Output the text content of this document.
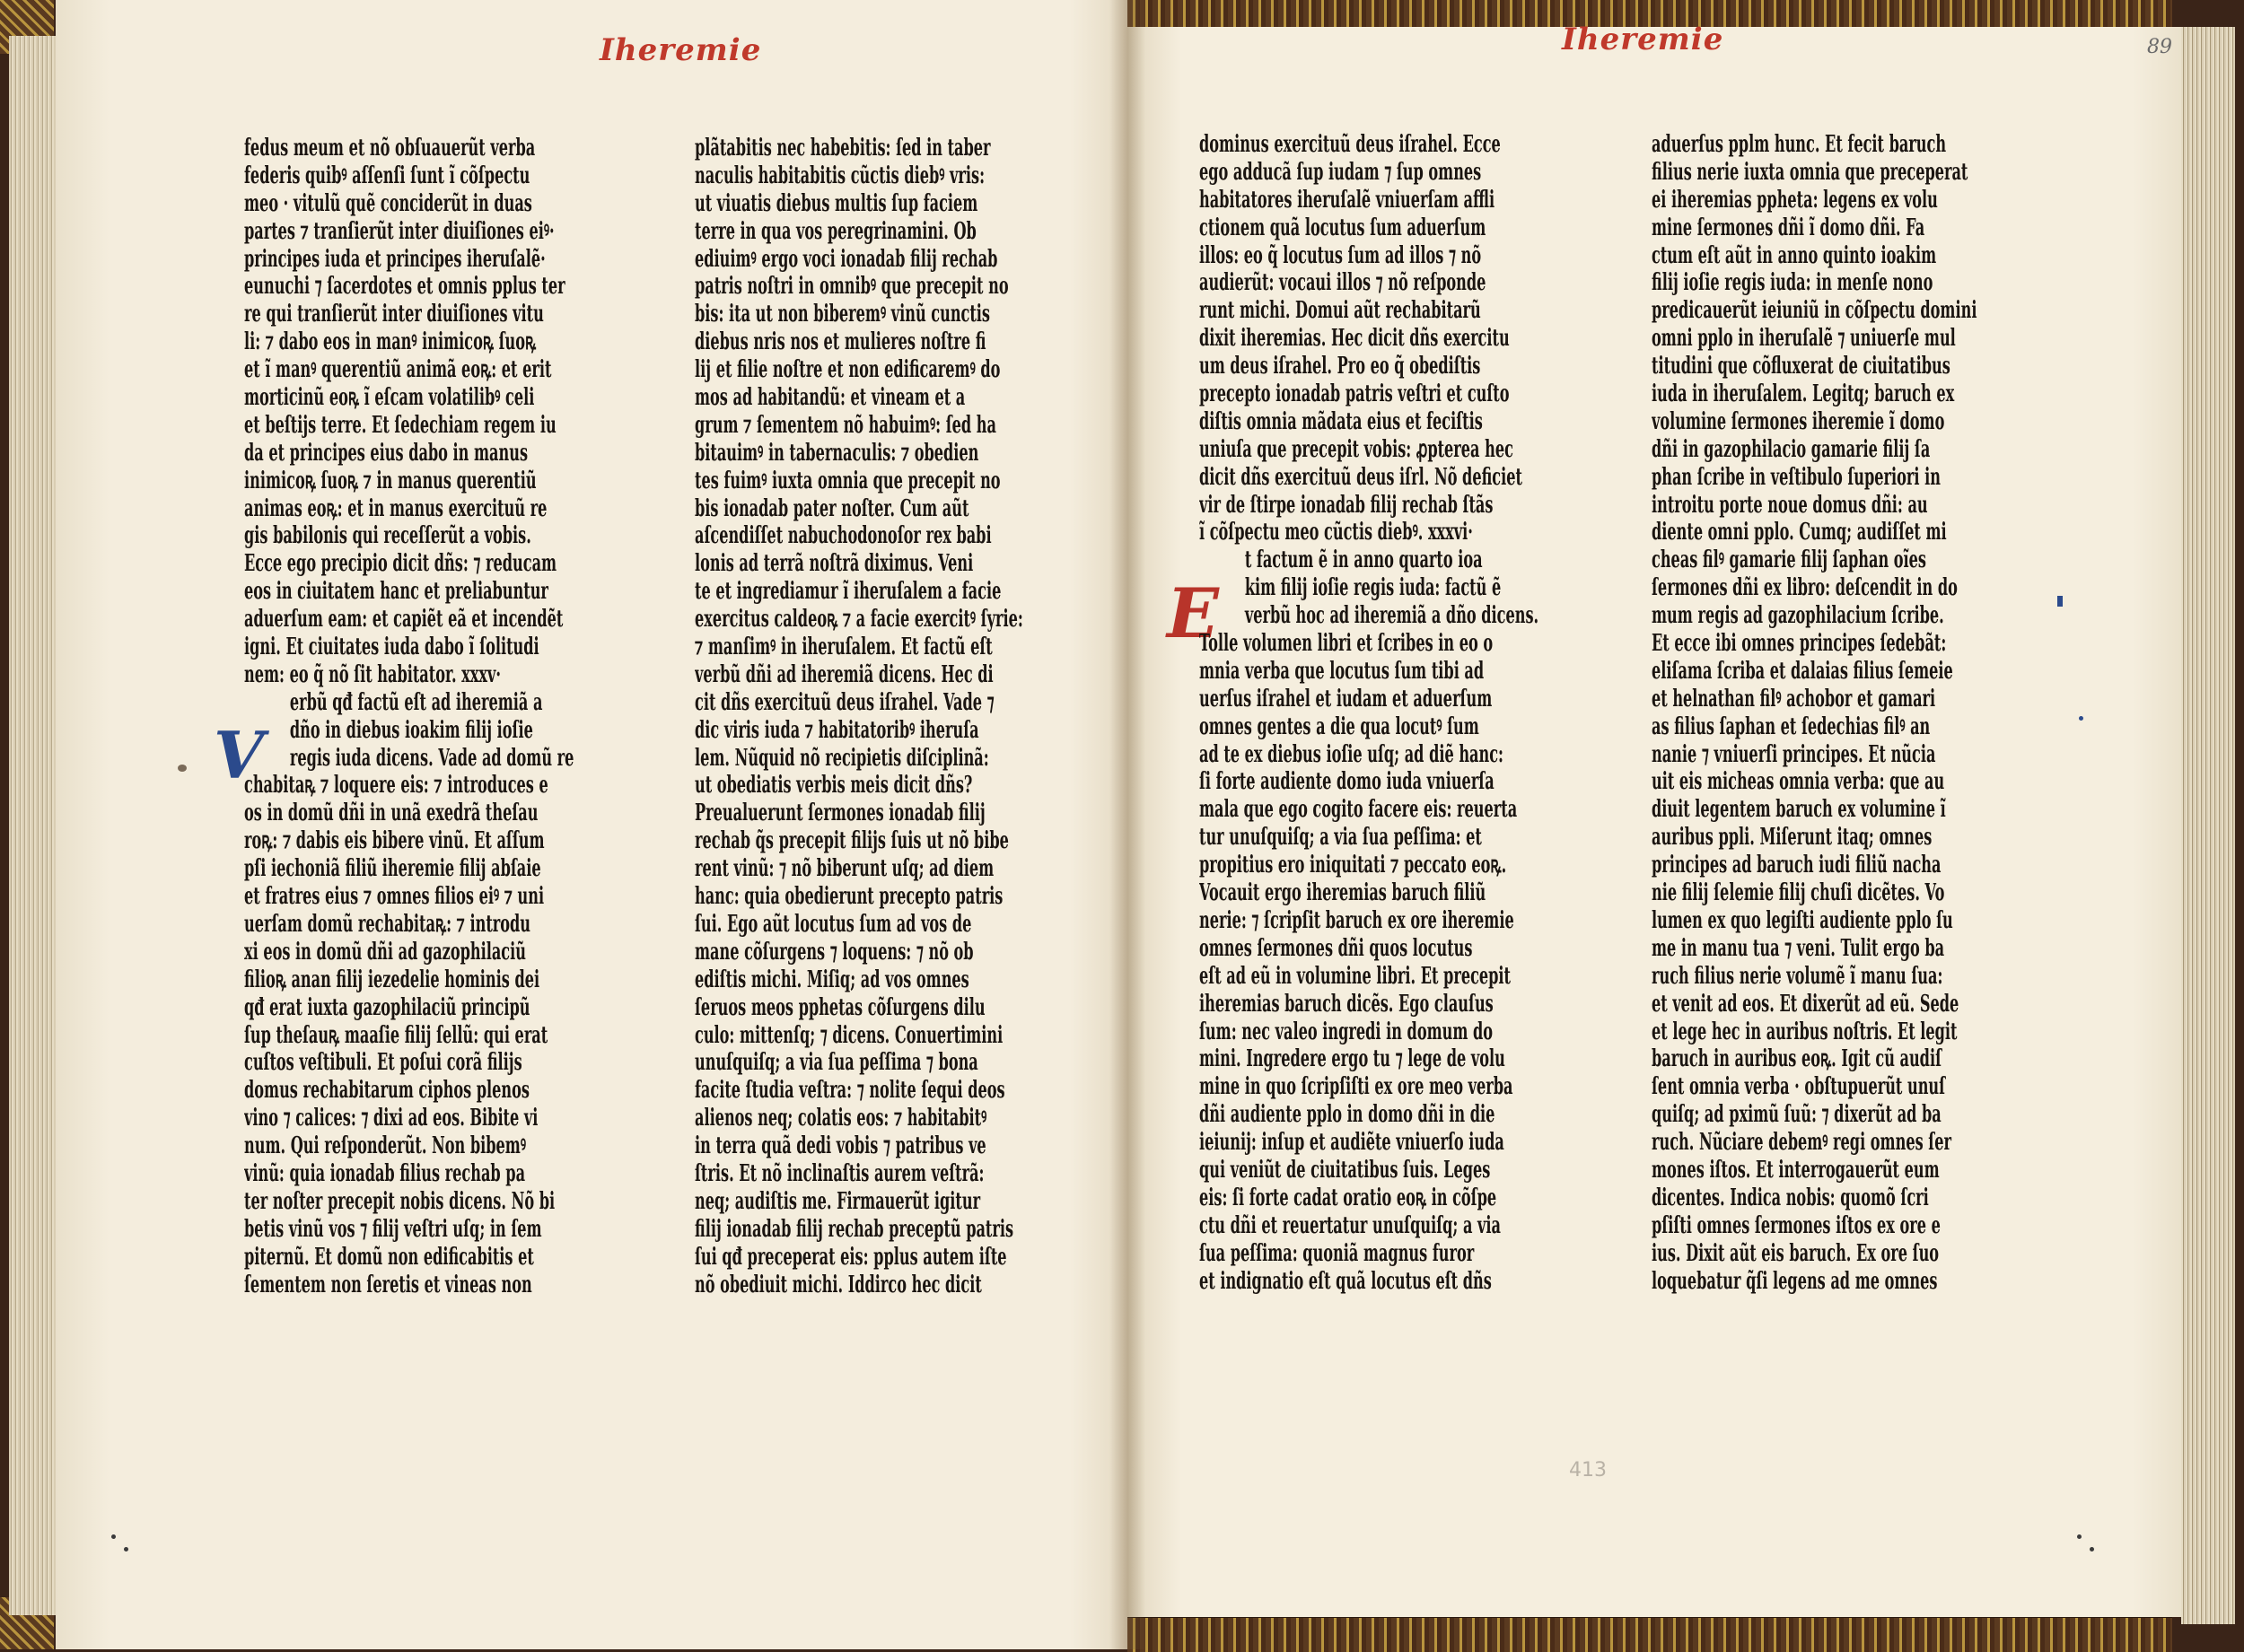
Iheremie	Iheremie	89
413
V
E
fedus meum et nõ obſuauerũt verba
federis quibꝰ aſſenſi ſunt ĩ cõſpectu
meo · vitulũ quẽ conciderũt in duas
partes ⁊ tranſierũt inter diuiſiones eiꝰ·
principes iuda et principes iheruſalẽ·
eunuchi ⁊ ſacerdotes et omnis pplus ter
re qui tranſierũt inter diuiſiones vitu
li: ⁊ dabo eos in manꝰ inimicoꝶ ſuoꝶ
et ĩ manꝰ querentiũ animã eoꝶ: et erit
morticinũ eoꝶ ĩ eſcam volatilibꝰ celi
et beſtijs terre. Et ſedechiam regem iu
da et principes eius dabo in manus
inimicoꝶ ſuoꝶ ⁊ in manus querentiũ
animas eoꝶ: et in manus exercituũ re
gis babilonis qui receſſerũt a vobis.
Ecce ego precipio dicit dñs: ⁊ reducam
eos in ciuitatem hanc et preliabuntur
aduerſum eam: et capiẽt eã et incendẽt
igni. Et ciuitates iuda dabo ĩ ſolitudi
nem: eo q̃ nõ ſit habitator. xxxv·
erbũ qđ factũ eſt ad iheremiã a
dño in diebus ioakim filij ioſie
regis iuda dicens. Vade ad domũ re
chabitaꝶ ⁊ loquere eis: ⁊ introduces e
os in domũ dñi in unã exedrã theſau
roꝶ: ⁊ dabis eis bibere vinũ. Et aſſum
pſi iechoniã filiũ iheremie filij abſaie
et fratres eius ⁊ omnes filios eiꝰ ⁊ uni
uerſam domũ rechabitaꝶ: ⁊ introdu
xi eos in domũ dñi ad gazophilaciũ
filioꝶ anan filij iezedelie hominis dei
qđ erat iuxta gazophilaciũ principũ
ſup theſauꝶ maaſie filij ſellũ: qui erat
cuſtos veſtibuli. Et poſui corã filijs
domus rechabitarum ciphos plenos
vino ⁊ calices: ⁊ dixi ad eos. Bibite vi
num. Qui reſponderũt. Non bibemꝰ
vinũ: quia ionadab filius rechab pa
ter noſter precepit nobis dicens. Nõ bi
betis vinũ vos ⁊ filij veſtri uſq; in ſem
piternũ. Et domũ non edificabitis et
ſementem non ſeretis et vineas non
plãtabitis nec habebitis: ſed in taber
naculis habitabitis cũctis diebꝰ vris:
ut viuatis diebus multis ſup faciem
terre in qua vos peregrinamini. Ob
ediuimꝰ ergo voci ionadab filij rechab
patris noſtri in omnibꝰ que precepit no
bis: ita ut non biberemꝰ vinũ cunctis
diebus nris nos et mulieres noſtre fi
lij et filie noſtre et non edificaremꝰ do
mos ad habitandũ: et vineam et a
grum ⁊ ſementem nõ habuimꝰ: ſed ha
bitauimꝰ in tabernaculis: ⁊ obedien
tes fuimꝰ iuxta omnia que precepit no
bis ionadab pater noſter. Cum aũt
aſcendiſſet nabuchodonoſor rex babi
lonis ad terrã noſtrã diximus. Veni
te et ingrediamur ĩ iheruſalem a facie
exercitus caldeoꝶ ⁊ a facie exercitꝰ ſyrie:
⁊ manſimꝰ in iheruſalem. Et factũ eſt
verbũ dñi ad iheremiã dicens. Hec di
cit dñs exercituũ deus iſrahel. Vade ⁊
dic viris iuda ⁊ habitatoribꝰ iheruſa
lem. Nũquid nõ recipietis diſciplinã:
ut obediatis verbis meis dicit dñs?
Preualuerunt ſermones ionadab filij
rechab q̃s precepit filijs ſuis ut nõ bibe
rent vinũ: ⁊ nõ biberunt uſq; ad diem
hanc: quia obedierunt precepto patris
ſui. Ego aũt locutus ſum ad vos de
mane cõſurgens ⁊ loquens: ⁊ nõ ob
ediſtis michi. Miſiq; ad vos omnes
ſeruos meos pphetas cõſurgens dilu
culo: mittenſq; ⁊ dicens. Conuertimini
unuſquiſq; a via ſua peſſima ⁊ bona
facite ſtudia veſtra: ⁊ nolite ſequi deos
alienos neq; colatis eos: ⁊ habitabitꝰ
in terra quã dedi vobis ⁊ patribus ve
ſtris. Et nõ inclinaſtis aurem veſtrã:
neq; audiſtis me. Firmauerũt igitur
filij ionadab filij rechab preceptũ patris
ſui qđ preceperat eis: pplus autem iſte
nõ obediuit michi. Iddirco hec dicit
dominus exercituũ deus iſrahel. Ecce
ego adducã ſup iudam ⁊ ſup omnes
habitatores iheruſalẽ vniuerſam affli
ctionem quã locutus ſum aduerſum
illos: eo q̃ locutus ſum ad illos ⁊ nõ
audierũt: vocaui illos ⁊ nõ reſponde
runt michi. Domui aũt rechabitarũ
dixit iheremias. Hec dicit dñs exercitu
um deus iſrahel. Pro eo q̃ obediſtis
precepto ionadab patris veſtri et cuſto
diſtis omnia mãdata eius et feciſtis
uniuſa que precepit vobis: ꝓpterea hec
dicit dñs exercituũ deus iſrl. Nõ deficiet
vir de ſtirpe ionadab filij rechab ſtãs
ĩ cõſpectu meo cũctis diebꝰ. xxxvi·
t factum ẽ in anno quarto ioa
kim filij ioſie regis iuda: factũ ẽ
verbũ hoc ad iheremiã a dño dicens.
Tolle volumen libri et ſcribes in eo o
mnia verba que locutus ſum tibi ad
uerſus iſrahel et iudam et aduerſum
omnes gentes a die qua locutꝰ ſum
ad te ex diebus ioſie uſq; ad diẽ hanc:
ſi forte audiente domo iuda vniuerſa
mala que ego cogito facere eis: reuerta
tur unuſquiſq; a via ſua peſſima: et
propitius ero iniquitati ⁊ peccato eoꝶ.
Vocauit ergo iheremias baruch filiũ
nerie: ⁊ ſcripſit baruch ex ore iheremie
omnes ſermones dñi quos locutus
eſt ad eũ in volumine libri. Et precepit
iheremias baruch dicẽs. Ego clauſus
ſum: nec valeo ingredi in domum do
mini. Ingredere ergo tu ⁊ lege de volu
mine in quo ſcripſiſti ex ore meo verba
dñi audiente pplo in domo dñi in die
ieiunij: inſup et audiẽte vniuerſo iuda
qui veniũt de ciuitatibus ſuis. Leges
eis: ſi forte cadat oratio eoꝶ in cõſpe
ctu dñi et reuertatur unuſquiſq; a via
ſua peſſima: quoniã magnus furor
et indignatio eſt quã locutus eſt dñs
aduerſus pplm hunc. Et fecit baruch
filius nerie iuxta omnia que preceperat
ei iheremias ppheta: legens ex volu
mine ſermones dñi ĩ domo dñi. Fa
ctum eſt aũt in anno quinto ioakim
filij ioſie regis iuda: in menſe nono
predicauerũt ieiuniũ in cõſpectu domini
omni pplo in iheruſalẽ ⁊ uniuerſe mul
titudini que cõfluxerat de ciuitatibus
iuda in iheruſalem. Legitq; baruch ex
volumine ſermones iheremie ĩ domo
dñi in gazophilacio gamarie filij ſa
phan ſcribe in veſtibulo ſuperiori in
introitu porte noue domus dñi: au
diente omni pplo. Cumq; audiſſet mi
cheas filꝰ gamarie filij ſaphan oĩes
ſermones dñi ex libro: deſcendit in do
mum regis ad gazophilacium ſcribe.
Et ecce ibi omnes principes ſedebãt:
eliſama ſcriba et dalaias filius ſemeie
et helnathan filꝰ achobor et gamari
as filius ſaphan et ſedechias filꝰ an
nanie ⁊ vniuerſi principes. Et nũcia
uit eis micheas omnia verba: que au
diuit legentem baruch ex volumine ĩ
auribus ppli. Miſerunt itaq; omnes
principes ad baruch iudi filiũ nacha
nie filij ſelemie filij chuſi dicẽtes. Vo
lumen ex quo legiſti audiente pplo ſu
me in manu tua ⁊ veni. Tulit ergo ba
ruch filius nerie volumẽ ĩ manu ſua:
et venit ad eos. Et dixerũt ad eũ. Sede
et lege hec in auribus noſtris. Et legit
baruch in auribus eoꝶ. Igit cũ audiſ
ſent omnia verba · obſtupuerũt unuſ
quiſq; ad pximũ ſuũ: ⁊ dixerũt ad ba
ruch. Nũciare debemꝰ regi omnes ſer
mones iſtos. Et interrogauerũt eum
dicentes. Indica nobis: quomõ ſcri
pſiſti omnes ſermones iſtos ex ore e
ius. Dixit aũt eis baruch. Ex ore ſuo
loquebatur q̃ſi legens ad me omnes
